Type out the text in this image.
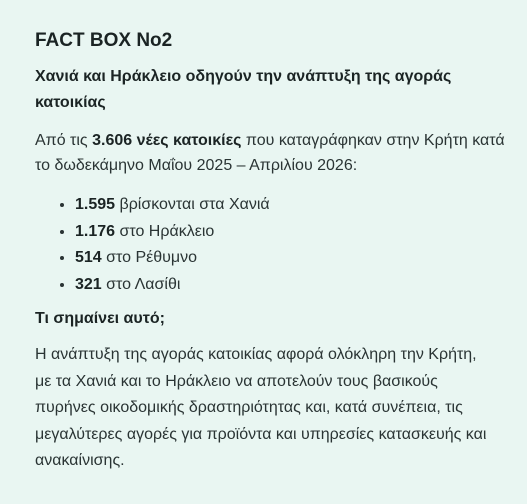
FACT BOX No2

Χανιά και Ηράκλειο οδηγούν την ανάπτυξη της αγοράς κατοικίας

Από τις 3.606 νέες κατοικίες που καταγράφηκαν στην Κρήτη κατά το δωδεκάμηνο Μαΐου 2025 – Απριλίου 2026:

• 1.595 βρίσκονται στα Χανιά
• 1.176 στο Ηράκλειο
• 514 στο Ρέθυμνο
• 321 στο Λασίθι

Τι σημαίνει αυτό;

Η ανάπτυξη της αγοράς κατοικίας αφορά ολόκληρη την Κρήτη, με τα Χανιά και το Ηράκλειο να αποτελούν τους βασικούς πυρήνες οικοδομικής δραστηριότητας και, κατά συνέπεια, τις μεγαλύτερες αγορές για προϊόντα και υπηρεσίες κατασκευής και ανακαίνισης.
